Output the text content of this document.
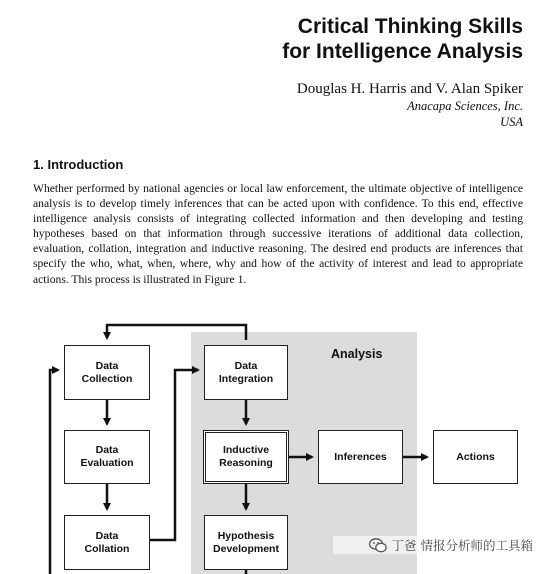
Critical Thinking Skills
for Intelligence Analysis
Douglas H. Harris and V. Alan Spiker
Anacapa Sciences, Inc.
USA
1. Introduction

Whether performed by national agencies or local law enforcement, the ultimate objective of intelligence analysis is to develop timely inferences that can be acted upon with confidence. To this end, effective intelligence analysis consists of integrating collected information and then developing and testing hypotheses based on that information through successive iterations of additional data collection, evaluation, collation, integration and inductive reasoning. The desired end products are inferences that specify the who, what, when, where, why and how of the activity of interest and lead to appropriate actions. This process is illustrated in Figure 1.

Analysis
Data
Collection
Data
Evaluation
Data
Collation
Data
Integration
Inductive
Reasoning
Hypothesis
Development
Inferences	Actions
丁爸 情报分析师的工具箱
